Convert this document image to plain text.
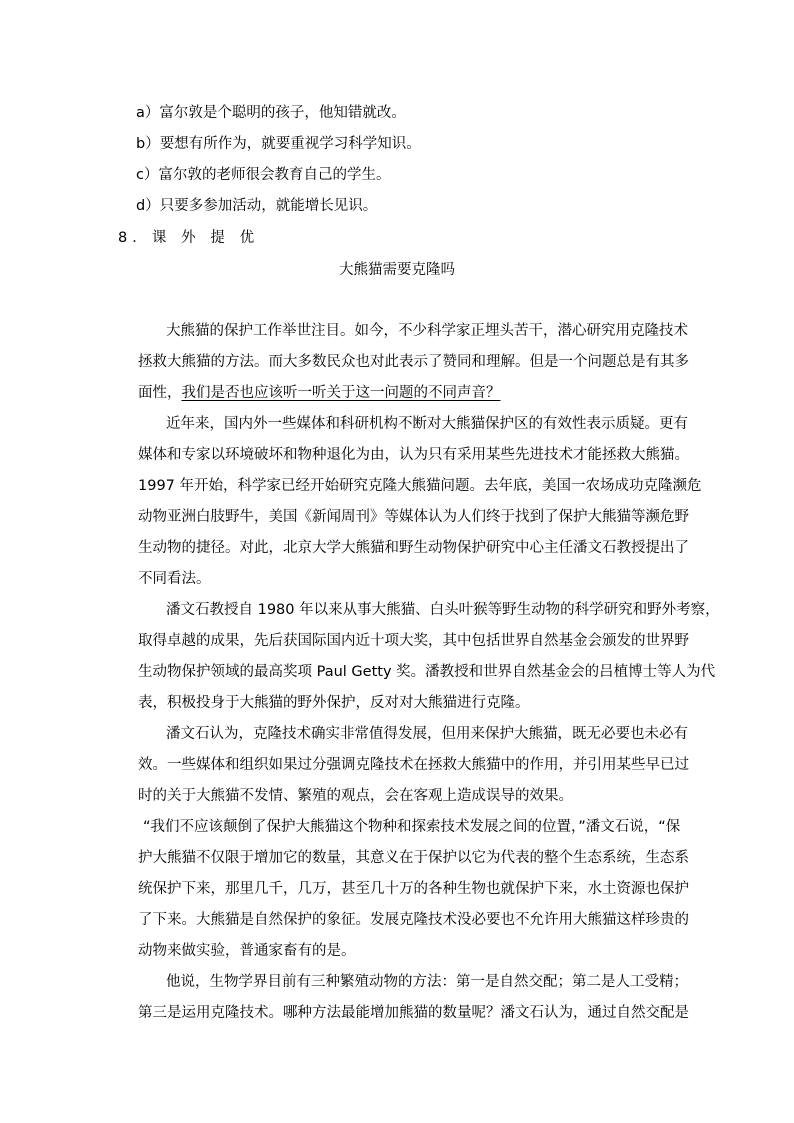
a）富尔敦是个聪明的孩子，他知错就改。
b）要想有所作为，就要重视学习科学知识。
c）富尔敦的老师很会教育自己的学生。
d）只要多参加活动，就能增长见识。
8．课 外 提 优
大熊猫需要克隆吗
大熊猫的保护工作举世注目。如今，不少科学家正埋头苦干，潜心研究用克隆技术
拯救大熊猫的方法。而大多数民众也对此表示了赞同和理解。但是一个问题总是有其多
面性，我们是否也应该听一听关于这一问题的不同声音？
近年来，国内外一些媒体和科研机构不断对大熊猫保护区的有效性表示质疑。更有
媒体和专家以环境破坏和物种退化为由，认为只有采用某些先进技术才能拯救大熊猫。
1997 年开始，科学家已经开始研究克隆大熊猫问题。去年底，美国一农场成功克隆濒危
动物亚洲白肢野牛，美国《新闻周刊》等媒体认为人们终于找到了保护大熊猫等濒危野
生动物的捷径。对此，北京大学大熊猫和野生动物保护研究中心主任潘文石教授提出了
不同看法。
潘文石教授自 1980 年以来从事大熊猫、白头叶猴等野生动物的科学研究和野外考察，
取得卓越的成果，先后获国际国内近十项大奖，其中包括世界自然基金会颁发的世界野
生动物保护领域的最高奖项 Paul Getty 奖。潘教授和世界自然基金会的吕植博士等人为代
表，积极投身于大熊猫的野外保护，反对对大熊猫进行克隆。
潘文石认为，克隆技术确实非常值得发展，但用来保护大熊猫，既无必要也未必有
效。一些媒体和组织如果过分强调克隆技术在拯救大熊猫中的作用，并引用某些早已过
时的关于大熊猫不发情、繁殖的观点，会在客观上造成误导的效果。
“我们不应该颠倒了保护大熊猫这个物种和探索技术发展之间的位置，”潘文石说，“保
护大熊猫不仅限于增加它的数量，其意义在于保护以它为代表的整个生态系统，生态系
统保护下来，那里几千，几万，甚至几十万的各种生物也就保护下来，水土资源也保护
了下来。大熊猫是自然保护的象征。发展克隆技术没必要也不允许用大熊猫这样珍贵的
动物来做实验，普通家畜有的是。
他说，生物学界目前有三种繁殖动物的方法：第一是自然交配；第二是人工受精；
第三是运用克隆技术。哪种方法最能增加熊猫的数量呢？潘文石认为，通过自然交配是
